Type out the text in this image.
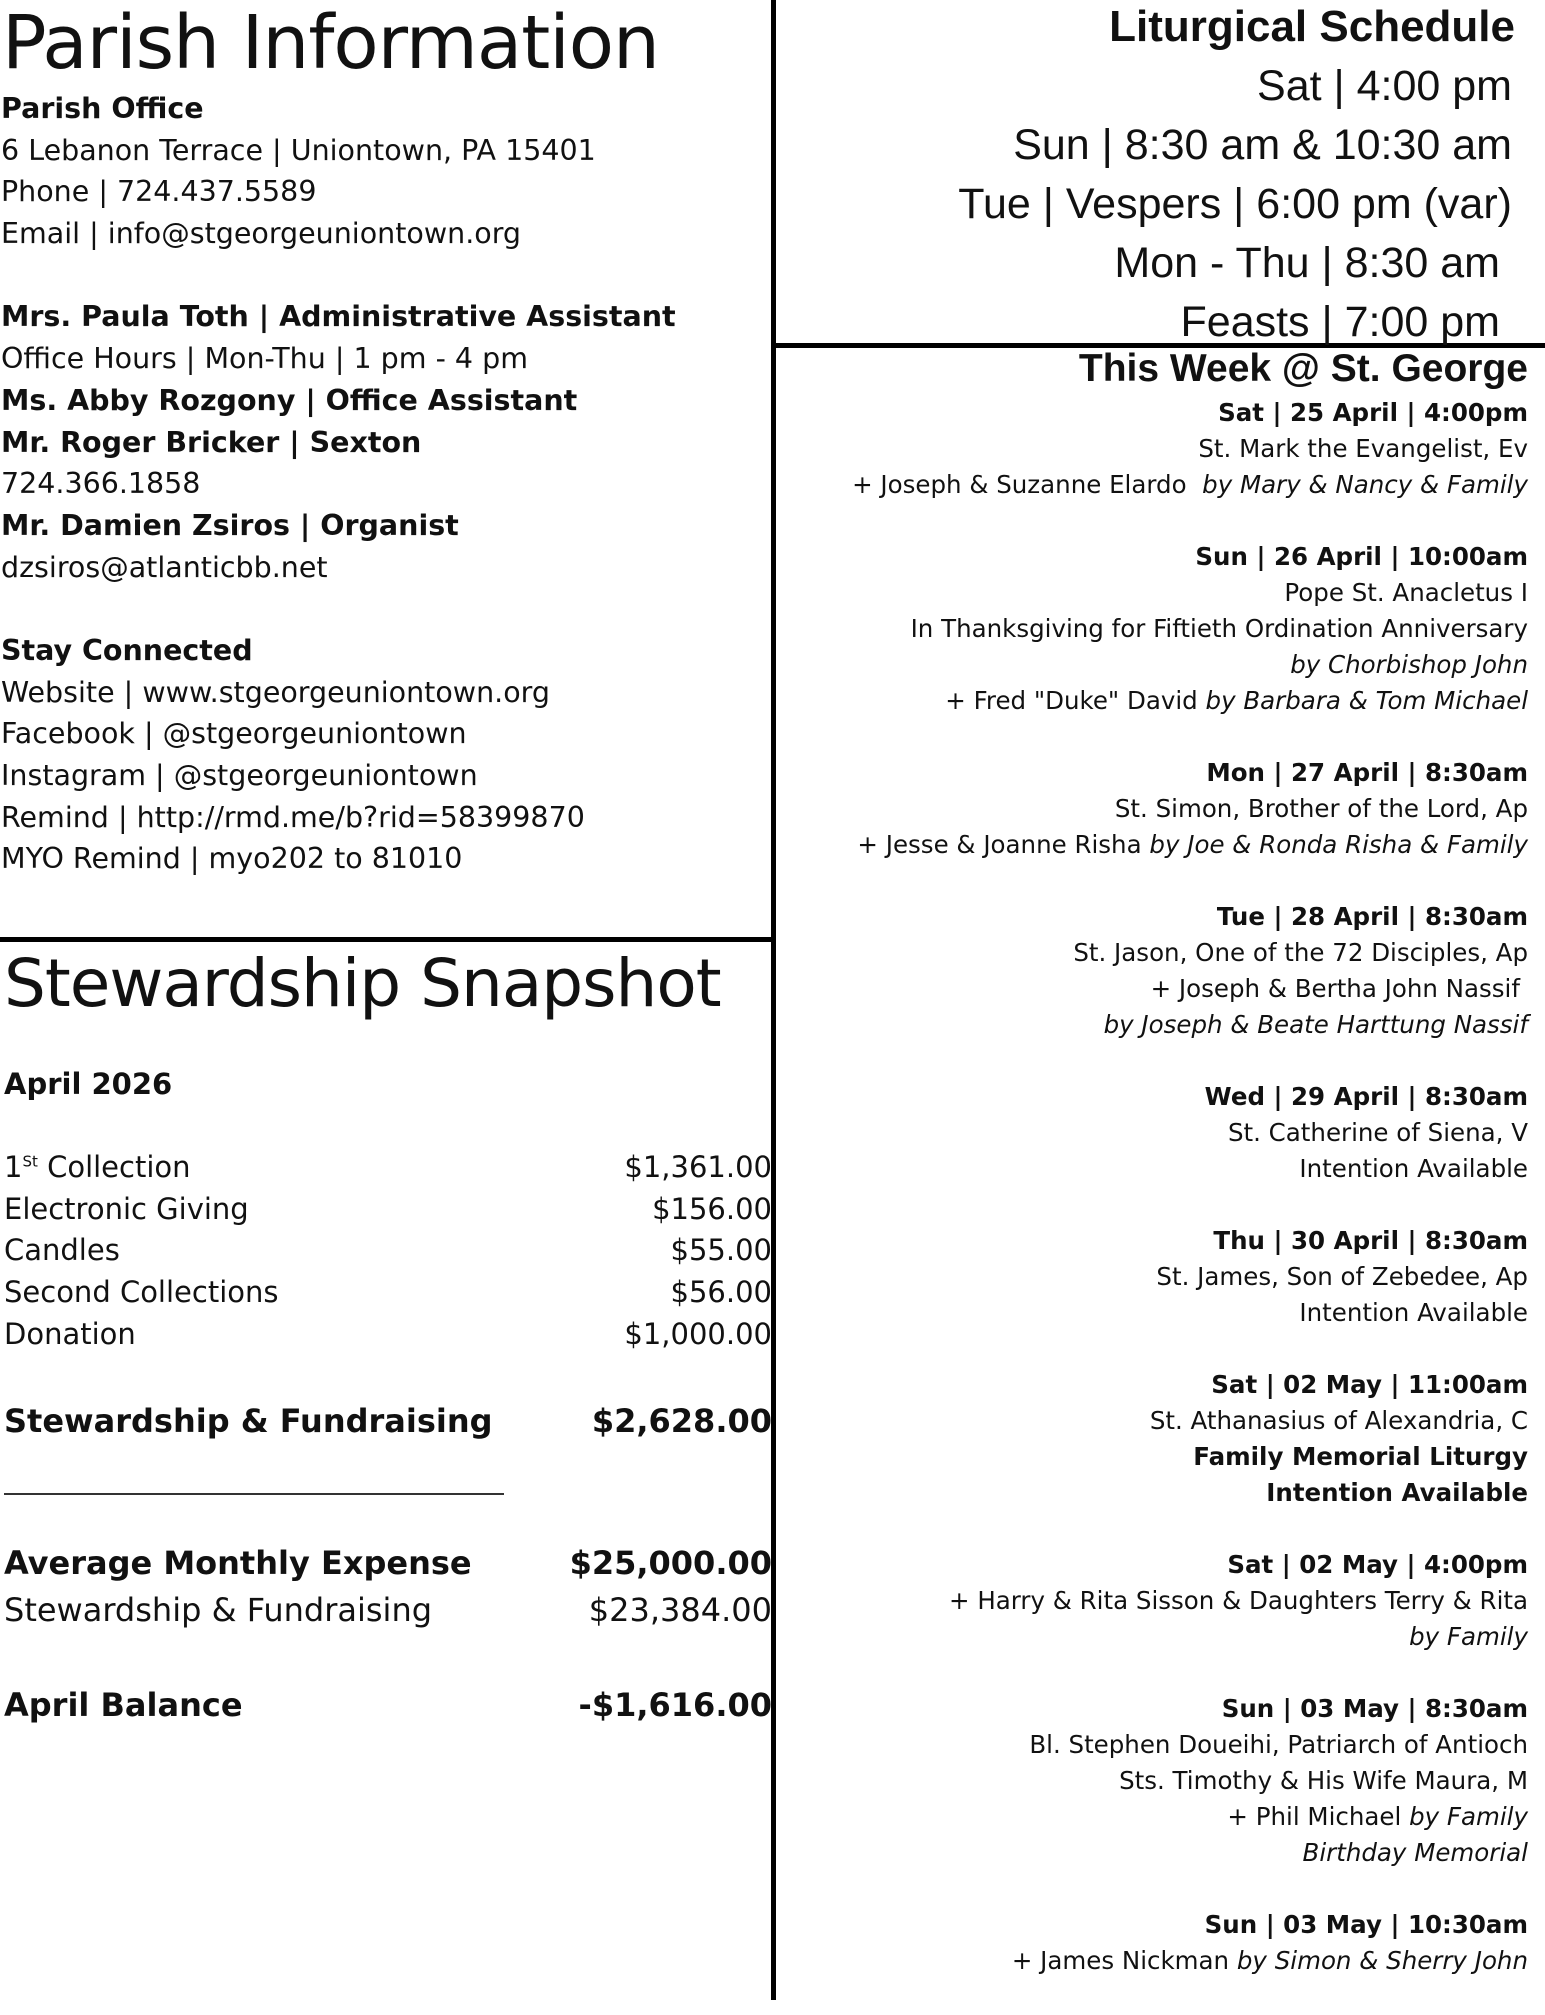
Parish Information
Parish Office
6 Lebanon Terrace | Uniontown, PA 15401
Phone | 724.437.5589
Email | info@stgeorgeuniontown.org
Mrs. Paula Toth | Administrative Assistant
Office Hours | Mon-Thu | 1 pm - 4 pm
Ms. Abby Rozgony | Office Assistant
Mr. Roger Bricker | Sexton
724.366.1858
Mr. Damien Zsiros | Organist
dzsiros@atlanticbb.net
Stay Connected
Website | www.stgeorgeuniontown.org
Facebook | @stgeorgeuniontown
Instagram | @stgeorgeuniontown
Remind | http://rmd.me/b?rid=58399870
MYO Remind | myo202 to 81010
Stewardship Snapshot
April 2026
1St Collection	$1,361.00
Electronic Giving	$156.00
Candles	$55.00
Second Collections	$56.00
Donation	$1,000.00
Stewardship & Fundraising	$2,628.00
Average Monthly Expense	$25,000.00
Stewardship & Fundraising	$23,384.00
April Balance	-$1,616.00
Liturgical Schedule
Sat | 4:00 pm
Sun | 8:30 am & 10:30 am
Tue | Vespers | 6:00 pm (var)
Mon - Thu | 8:30 am
Feasts | 7:00 pm
This Week @ St. George
Sat | 25 April | 4:00pm
St. Mark the Evangelist, Ev
+ Joseph & Suzanne Elardo  by Mary & Nancy & Family
Sun | 26 April | 10:00am
Pope St. Anacletus I
In Thanksgiving for Fiftieth Ordination Anniversary
by Chorbishop John
+ Fred "Duke" David by Barbara & Tom Michael
Mon | 27 April | 8:30am
St. Simon, Brother of the Lord, Ap
+ Jesse & Joanne Risha by Joe & Ronda Risha & Family
Tue | 28 April | 8:30am
St. Jason, One of the 72 Disciples, Ap
+ Joseph & Bertha John Nassif
by Joseph & Beate Harttung Nassif
Wed | 29 April | 8:30am
St. Catherine of Siena, V
Intention Available
Thu | 30 April | 8:30am
St. James, Son of Zebedee, Ap
Intention Available
Sat | 02 May | 11:00am
St. Athanasius of Alexandria, C
Family Memorial Liturgy
Intention Available
Sat | 02 May | 4:00pm
+ Harry & Rita Sisson & Daughters Terry & Rita
by Family
Sun | 03 May | 8:30am
Bl. Stephen Doueihi, Patriarch of Antioch
Sts. Timothy & His Wife Maura, M
+ Phil Michael by Family
Birthday Memorial
Sun | 03 May | 10:30am
+ James Nickman by Simon & Sherry John
